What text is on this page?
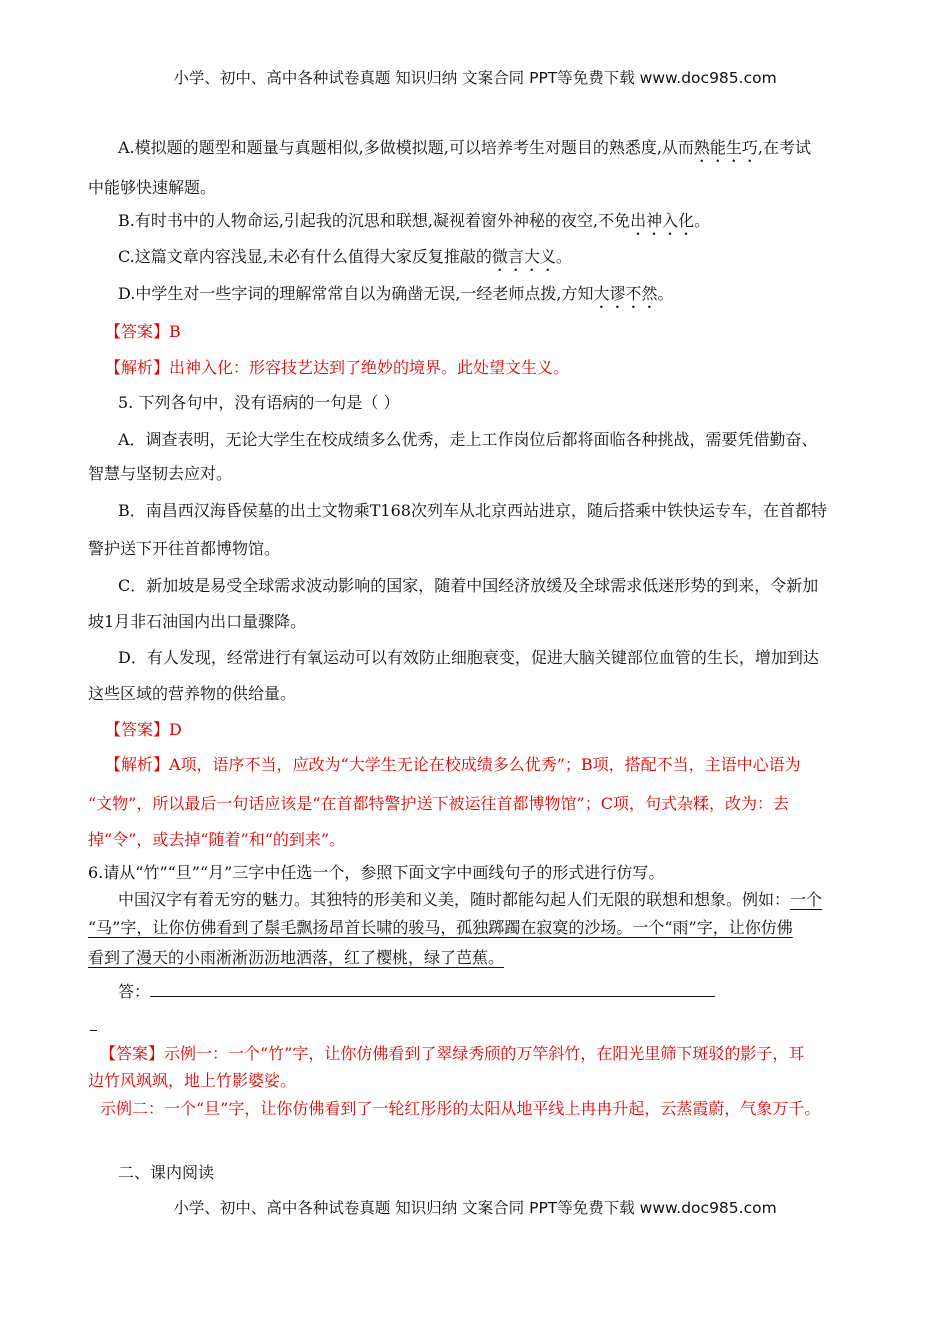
小学、初中、高中各种试卷真题 知识归纳 文案合同 PPT等免费下载 www.doc985.com
A.模拟题的题型和题量与真题相似,多做模拟题,可以培养考生对题目的熟悉度,从而熟能生巧,在考试
中能够快速解题。
B.有时书中的人物命运,引起我的沉思和联想,凝视着窗外神秘的夜空,不免出神入化。
C.这篇文章内容浅显,未必有什么值得大家反复推敲的微言大义。
D.中学生对一些字词的理解常常自以为确凿无误,一经老师点拨,方知大谬不然。
【答案】B
【解析】出神入化：形容技艺达到了绝妙的境界。此处望文生义。
5. 下列各句中，没有语病的一句是（ ）
A．调查表明，无论大学生在校成绩多么优秀，走上工作岗位后都将面临各种挑战，需要凭借勤奋、
智慧与坚韧去应对。
B．南昌西汉海昏侯墓的出土文物乘T168次列车从北京西站进京，随后搭乘中铁快运专车，在首都特
警护送下开往首都博物馆。
C．新加坡是易受全球需求波动影响的国家，随着中国经济放缓及全球需求低迷形势的到来，令新加
坡1月非石油国内出口量骤降。
D．有人发现，经常进行有氧运动可以有效防止细胞衰变，促进大脑关键部位血管的生长，增加到达
这些区域的营养物的供给量。
【答案】D
【解析】A项，语序不当，应改为“大学生无论在校成绩多么优秀”；B项，搭配不当，主语中心语为
“文物”，所以最后一句话应该是“在首都特警护送下被运往首都博物馆”；C项，句式杂糅，改为：去
掉“令”，或去掉“随着”和“的到来”。
6.请从“竹”“旦”“月”三字中任选一个，参照下面文字中画线句子的形式进行仿写。
中国汉字有着无穷的魅力。其独特的形美和义美，随时都能勾起人们无限的联想和想象。例如：一个
“马”字，让你仿佛看到了鬃毛飘扬昂首长啸的骏马，孤独踯躅在寂寞的沙场。一个“雨”字，让你仿佛
看到了漫天的小雨淅淅沥沥地洒落，红了樱桃，绿了芭蕉。
答：
【答案】示例一：一个“竹”字，让你仿佛看到了翠绿秀颀的万竿斜竹，在阳光里筛下斑驳的影子，耳
边竹风飒飒，地上竹影婆娑。
示例二：一个“旦”字，让你仿佛看到了一轮红彤彤的太阳从地平线上冉冉升起，云蒸霞蔚，气象万千。
二、课内阅读
小学、初中、高中各种试卷真题 知识归纳 文案合同 PPT等免费下载 www.doc985.com
